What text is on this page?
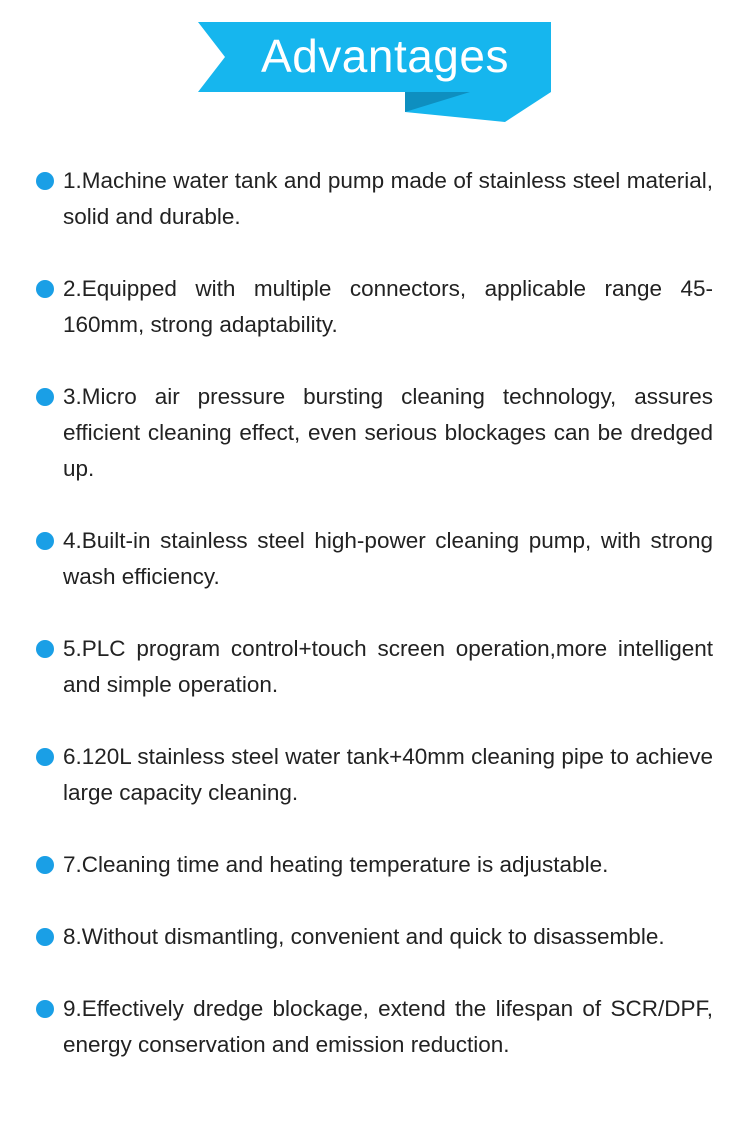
Advantages
1.Machine water tank and pump made of stainless steel material, solid and durable.
2.Equipped with multiple connectors, applicable range 45-160mm, strong adaptability.
3.Micro air pressure bursting cleaning technology, assures efficient cleaning effect, even serious blockages can be dredged up.
4.Built-in stainless steel high-power cleaning pump, with strong wash efficiency.
5.PLC program control+touch screen operation,more intelligent and simple operation.
6.120L stainless steel water tank+40mm cleaning pipe to achieve large capacity cleaning.
7.Cleaning time and heating temperature is adjustable.
8.Without dismantling, convenient and quick to disassemble.
9.Effectively dredge blockage, extend the lifespan of SCR/DPF, energy conservation and emission reduction.
